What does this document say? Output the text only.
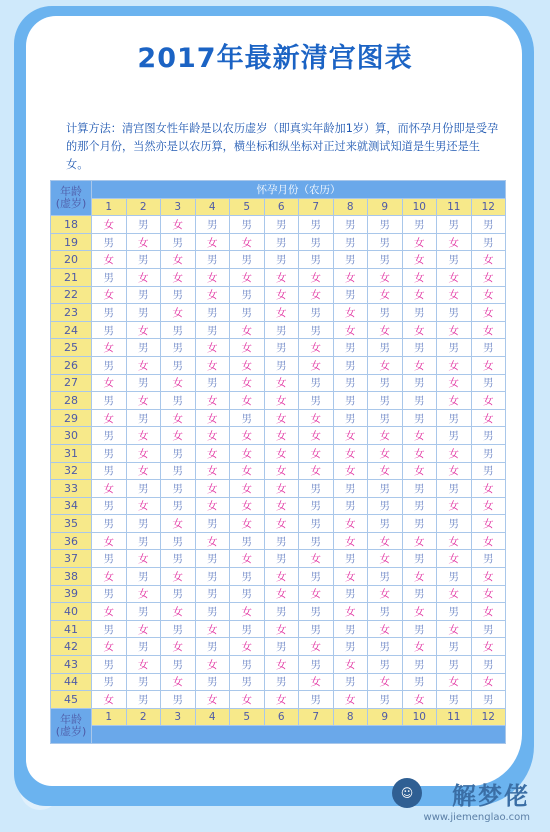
2017年最新清宫图表
计算方法：清宫图女性年龄是以农历虚岁（即真实年龄加1岁）算，而怀孕月份即是受孕的那个月份，当然亦是以农历算，横坐标和纵坐标对正过来就测试知道是生男还是生女。
年龄
(虚岁)	怀孕月份（农历）											
	1	2	3	4	5	6	7	8	9	10	11	12
18	女	男	女	男	男	男	男	男	男	男	男	男
19	男	女	男	女	女	男	男	男	男	女	女	男
20	女	男	女	男	男	男	男	男	男	女	男	女
21	男	女	女	女	女	女	女	女	女	女	女	女
22	女	男	男	女	男	女	女	男	女	女	女	女
23	男	男	女	男	男	女	男	女	男	男	男	女
24	男	女	男	男	女	男	男	女	女	女	女	女
25	女	男	男	女	女	男	女	男	男	男	男	男
26	男	女	男	女	女	男	女	男	女	女	女	女
27	女	男	女	男	女	女	男	男	男	男	女	男
28	男	女	男	女	女	女	男	男	男	男	女	女
29	女	男	女	女	男	女	女	男	男	男	男	女
30	男	女	女	女	女	女	女	女	女	女	男	男
31	男	女	男	女	女	女	女	女	女	女	女	男
32	男	女	男	女	女	女	女	女	女	女	女	男
33	女	男	男	女	女	女	男	男	男	男	男	女
34	男	女	男	女	女	女	男	男	男	男	女	女
35	男	男	女	男	女	女	男	女	男	男	男	女
36	女	男	男	女	男	男	男	女	女	女	女	女
37	男	女	男	男	女	男	女	男	女	男	女	男
38	女	男	女	男	男	女	男	女	男	女	男	女
39	男	女	男	男	男	女	女	男	女	男	女	女
40	女	男	女	男	女	男	男	女	男	女	男	女
41	男	女	男	女	男	女	男	男	女	男	女	男
42	女	男	女	男	女	男	女	男	男	女	男	女
43	男	女	男	女	男	女	男	女	男	男	男	男
44	男	男	女	男	男	男	女	男	女	男	女	女
45	女	男	男	女	女	女	男	女	男	女	男	男
年龄
(虚岁)	1	2	3	4	5	6	7	8	9	10	11	12

☺	解梦佬
www.jiemenglao.com
